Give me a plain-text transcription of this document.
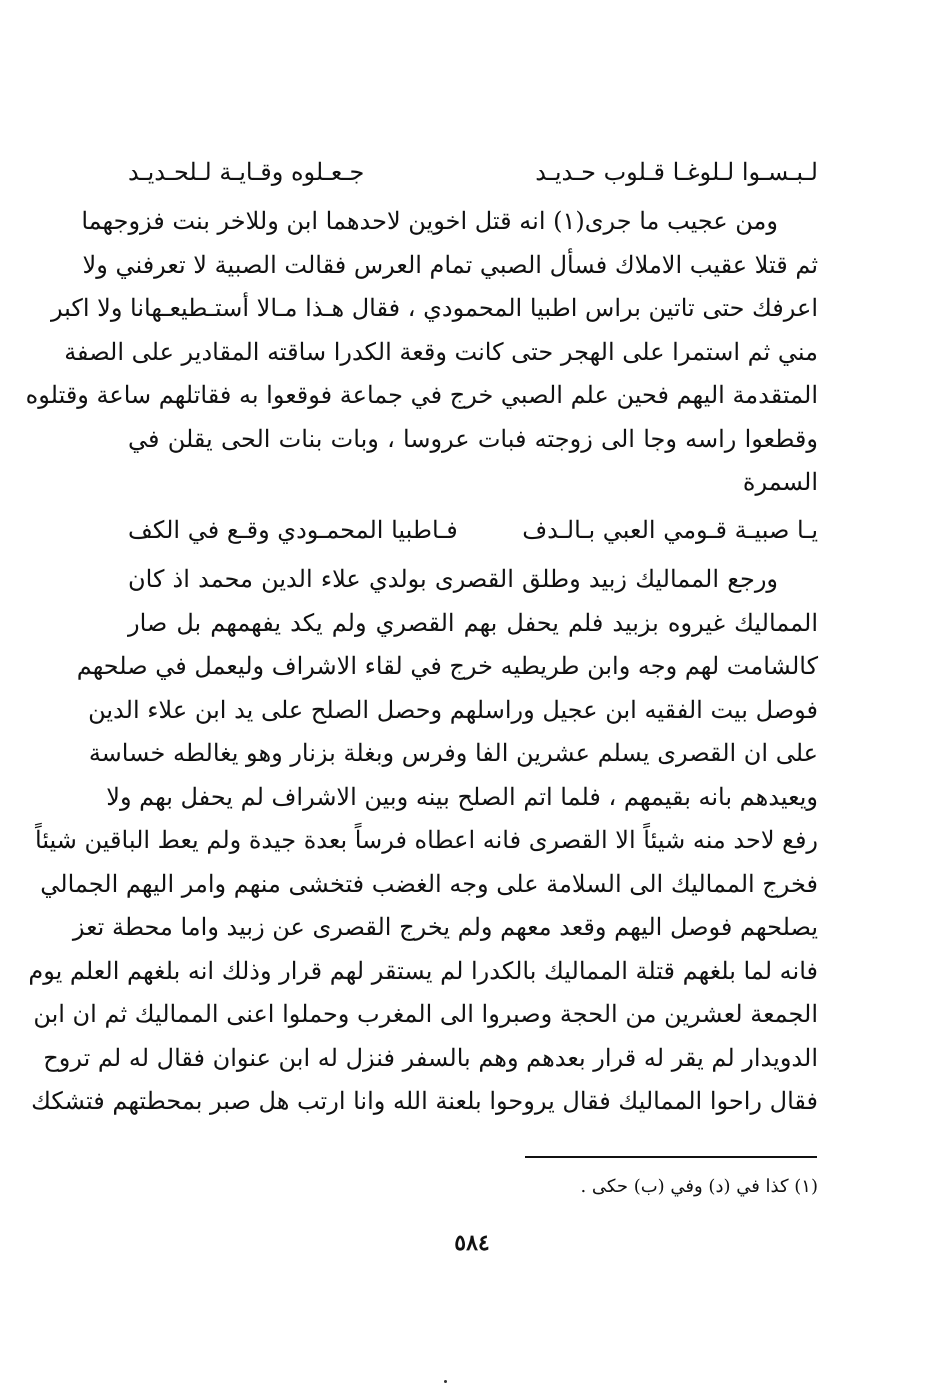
لـبـسـوا لـلوغـا قـلوب حـديـد
جـعـلوه وقـايـة لـلحـديـد
ومن عجيب ما جرى(١) انه قتل اخوين لاحدهما ابن وللاخر بنت فزوجهما
ثم قتلا عقيب الاملاك فسأل الصبي تمام العرس فقالت الصبية لا تعرفني ولا
اعرفك حتى تاتين براس اطبيا المحمودي ، فقال هـذا مـالا أستـطيعـهانا ولا اكبر
مني ثم استمرا على الهجر حتى كانت وقعة الكدرا ساقته المقادير على الصفة
المتقدمة اليهم فحين علم الصبي خرج في جماعة فوقعوا به فقاتلهم ساعة وقتلوه
وقطعوا راسه وجا الى زوجته فبات عروسا ، وبات بنات الحى يقلن في
السمرة
يـا صبيـة قـومي العبي بـالـدف
فـاطبيا المحمـودي وقـع في الكف
ورجع المماليك زبيد وطلق القصرى بولدي علاء الدين محمد اذ كان
المماليك غيروه بزبيد فلم يحفل بهم القصري ولم يكد يفهمهم بل صار
كالشامت لهم وجه وابن طريطيه خرج في لقاء الاشراف وليعمل في صلحهم
فوصل بيت الفقيه ابن عجيل وراسلهم وحصل الصلح على يد ابن علاء الدين
على ان القصرى يسلم عشرين الفا وفرس وبغلة بزنار وهو يغالطه خساسة
ويعيدهم بانه بقيمهم ، فلما اتم الصلح بينه وبين الاشراف لم يحفل بهم ولا
رفع لاحد منه شيئاً الا القصرى فانه اعطاه فرساً بعدة جيدة ولم يعط الباقين شيئاً
فخرج المماليك الى السلامة على وجه الغضب فتخشى منهم وامر اليهم الجمالي
يصلحهم فوصل اليهم وقعد معهم ولم يخرج القصرى عن زبيد واما محطة تعز
فانه لما بلغهم قتلة المماليك بالكدرا لم يستقر لهم قرار وذلك انه بلغهم العلم يوم
الجمعة لعشرين من الحجة وصبروا الى المغرب وحملوا اعنى المماليك ثم ان ابن
الدويدار لم يقر له قرار بعدهم وهم بالسفر فنزل له ابن عنوان فقال له لم تروح
فقال راحوا المماليك فقال يروحوا بلعنة الله وانا ارتب هل صبر بمحطتهم فتشكك
(١) كذا في (د) وفي (ب) حكى .
٥٨٤
